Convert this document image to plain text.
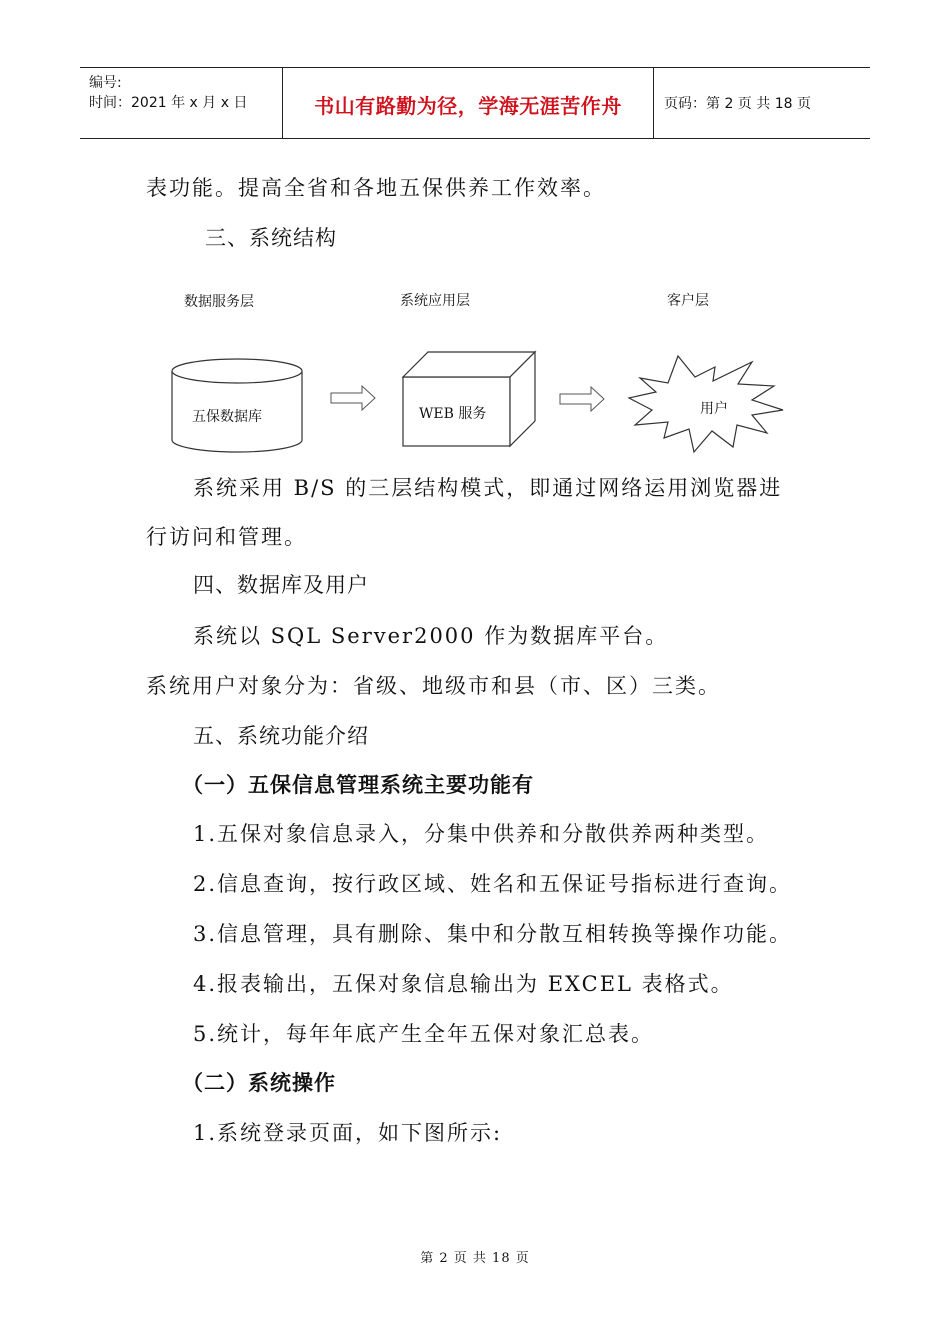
编号:
时间：2021 年 x 月 x 日	书山有路勤为径，学海无涯苦作舟	页码：第 2 页 共 18 页
表功能。提高全省和各地五保供养工作效率。
三、系统结构
数据服务层	系统应用层	客户层
五保数据库	WEB 服务	用户
系统采用 B/S 的三层结构模式，即通过网络运用浏览器进
行访问和管理。
四、数据库及用户
系统以 SQL Server2000 作为数据库平台。
系统用户对象分为：省级、地级市和县（市、区）三类。
五、系统功能介绍
（一）五保信息管理系统主要功能有
1.五保对象信息录入，分集中供养和分散供养两种类型。
2.信息查询，按行政区域、姓名和五保证号指标进行查询。
3.信息管理，具有删除、集中和分散互相转换等操作功能。
4.报表输出，五保对象信息输出为 EXCEL 表格式。
5.统计，每年年底产生全年五保对象汇总表。
（二）系统操作
1.系统登录页面，如下图所示:
第 2 页 共 18 页
